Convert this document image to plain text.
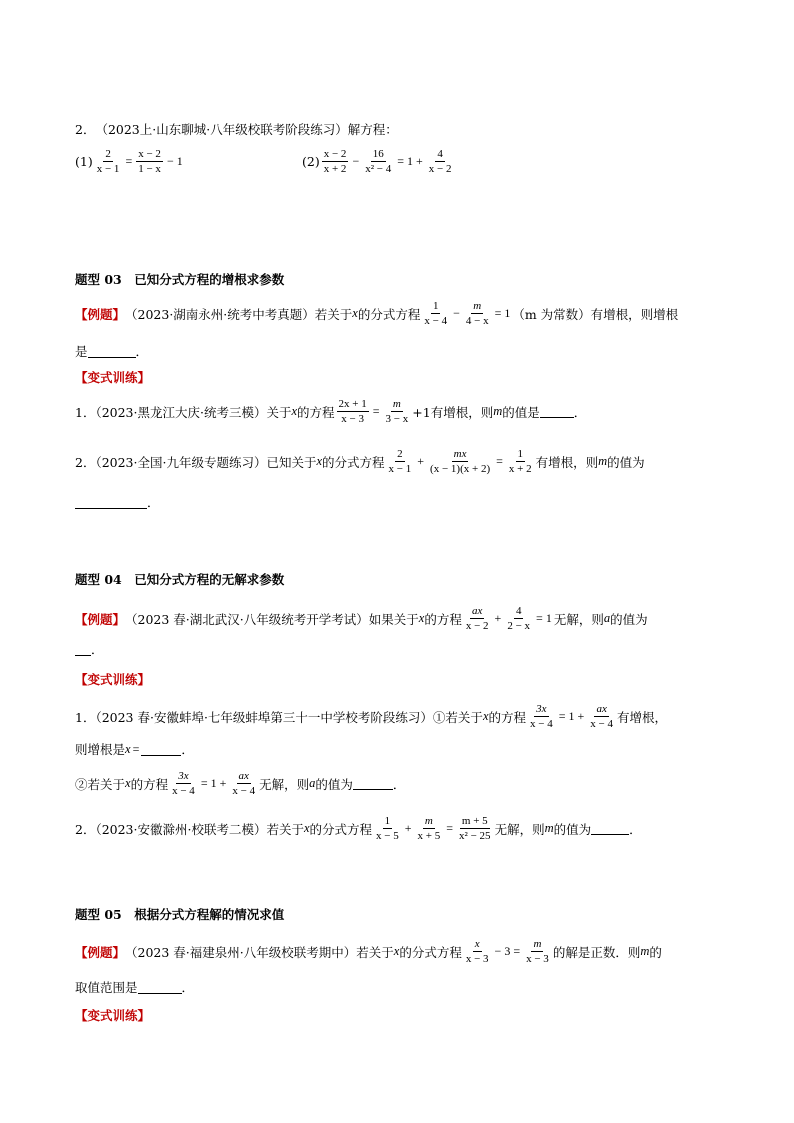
2． （2023上·山东聊城·八年级校联考阶段练习） 解方程：
$(1) \frac{2}{x - 1} = \frac{x - 2}{1 - x} - 1$	$(2) \frac{x - 2}{x + 2} - \frac{16}{\text{x² − 4}} = 1 + \frac{4}{x - 2}$
题型 03　已知分式方程的增根求参数
【例题】 （2023·湖南永州·统考中考真题）若关于 x 的分式方程 $\frac{1}{x - 4} - \frac{m}{4 - x} = 1$ （m 为常数）有增根，则增根
是	．
【变式训练】
1．（2023·黑龙江大庆·统考三模）关于 x 的方程 $\frac{2x + 1}{x - 3} = \frac{m}{3 - x} +1$有增根，则 m 的值是	．
2．（2023·全国·九年级专题练习）已知关于 x 的分式方程 $\frac{2}{x - 1} + \frac{mx}{(x - 1)(x + 2)} = \frac{1}{x + 2}$ 有增根，则 m 的值为
．
题型 04　已知分式方程的无解求参数
【例题】 （2023 春·湖北武汉·八年级统考开学考试）如果关于 x 的方程 $\frac{ax}{x - 2} + \frac{4}{2 - x} = 1$ 无解，则 a 的值为
．
【变式训练】
1．（2023 春·安徽蚌埠·七年级蚌埠第三十一中学校考阶段练习）①若关于 x 的方程 $\frac{3x}{x - 4} = 1 + \frac{ax}{x - 4}$ 有增根，
则增根是 x =	．
②若关于 x 的方程 $\frac{3x}{x - 4} = 1 + \frac{ax}{x - 4}$ 无解，则 a 的值为	．
2．（2023·安徽滁州·校联考二模）若关于 x 的分式方程 $\frac{1}{x - 5} + \frac{m}{x + 5} = \frac{m + 5}{\text{x² − 25}}$ 无解，则 m 的值为	．
题型 05　根据分式方程解的情况求值
【例题】 （2023 春·福建泉州·八年级校联考期中）若关于 x 的分式方程 $\frac{x}{x - 3} - 3 = \frac{m}{x - 3}$ 的解是正数．则 m 的
取值范围是	．
【变式训练】
